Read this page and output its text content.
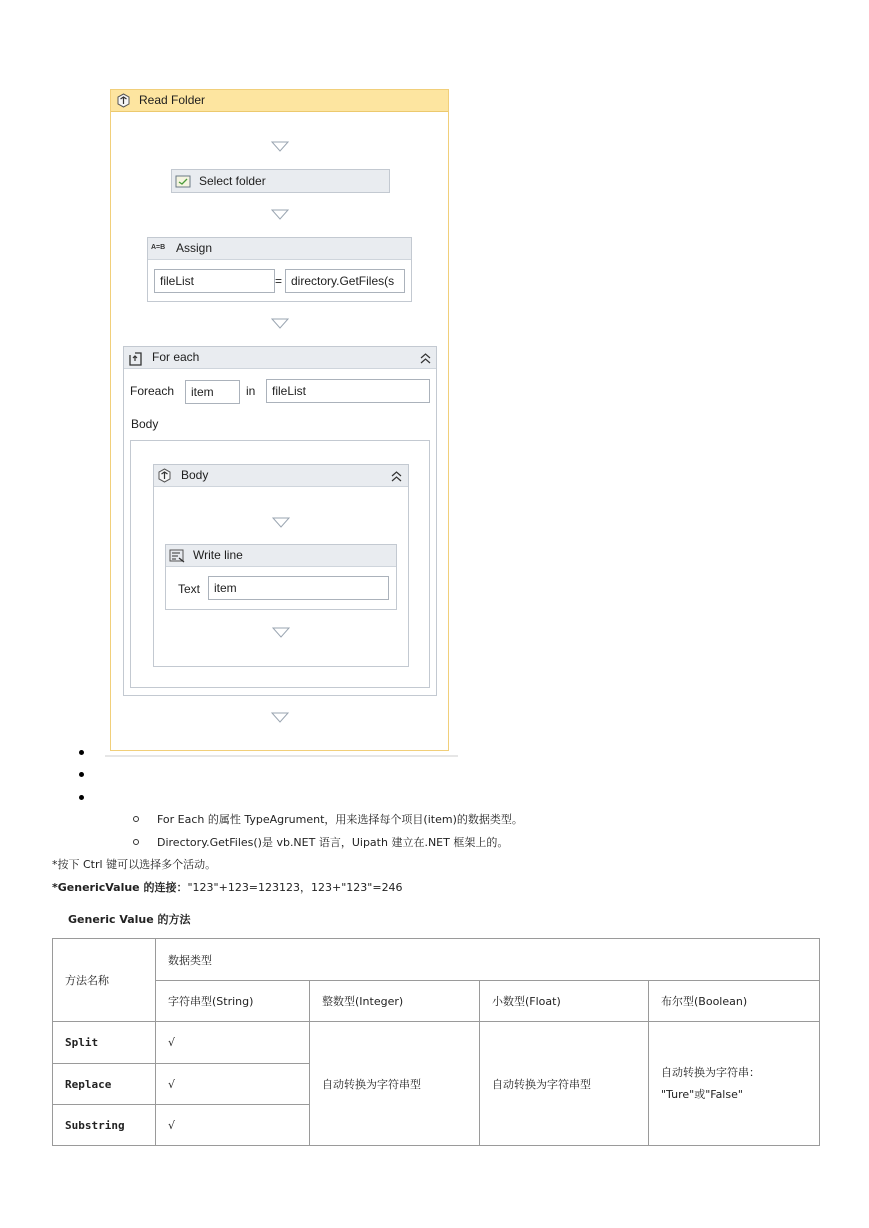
Read Folder
Select folder
A=B Assign
fileList	= directory.GetFiles(s
For each
Foreach	item	in	fileList
Body
Body
Write line
Text	item
For Each 的属性 TypeAgrument，用来选择每个项目(item)的数据类型。
Directory.GetFiles()是 vb.NET 语言，Uipath 建立在.NET 框架上的。
*按下 Ctrl 键可以选择多个活动。
*GenericValue 的连接："123"+123=123123，123+"123"=246
Generic Value 的方法
方法名称	数据类型			
	字符串型(String)	整数型(Integer)	小数型(Float)	布尔型(Boolean)
Split	√	自动转换为字符串型	自动转换为字符串型	自动转换为字符串：
"Ture"或"False"
Replace	√			
Substring	√			
